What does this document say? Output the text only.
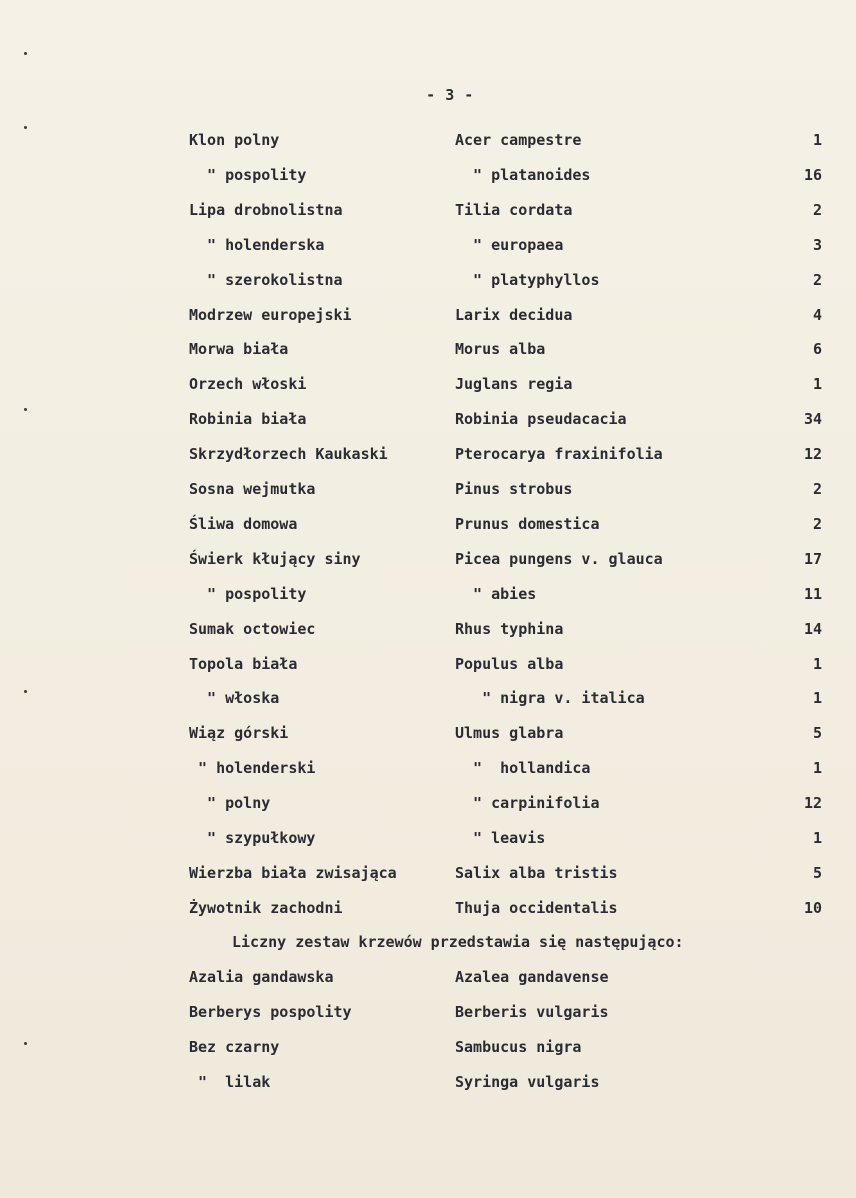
- 3 -
Klon polny	Acer campestre	1
" pospolity	" platanoides	16
Lipa drobnolistna	Tilia cordata	2
" holenderska	" europaea	3
" szerokolistna	" platyphyllos	2
Modrzew europejski	Larix decidua	4
Morwa biała	Morus alba	6
Orzech włoski	Juglans regia	1
Robinia biała	Robinia pseudacacia	34
Skrzydłorzech Kaukaski	Pterocarya fraxinifolia	12
Sosna wejmutka	Pinus strobus	2
Śliwa domowa	Prunus domestica	2
Świerk kłujący siny	Picea pungens v. glauca	17
" pospolity	" abies	11
Sumak octowiec	Rhus typhina	14
Topola biała	Populus alba	1
" włoska	" nigra v. italica	1
Wiąz górski	Ulmus glabra	5
" holenderski	"  hollandica	1
" polny	" carpinifolia	12
" szypułkowy	" leavis	1
Wierzba biała zwisająca	Salix alba tristis	5
Żywotnik zachodni	Thuja occidentalis	10
Liczny zestaw krzewów przedstawia się następująco:
Azalia gandawska	Azalea gandavense
Berberys pospolity	Berberis vulgaris
Bez czarny	Sambucus nigra
"  lilak	Syringa vulgaris
